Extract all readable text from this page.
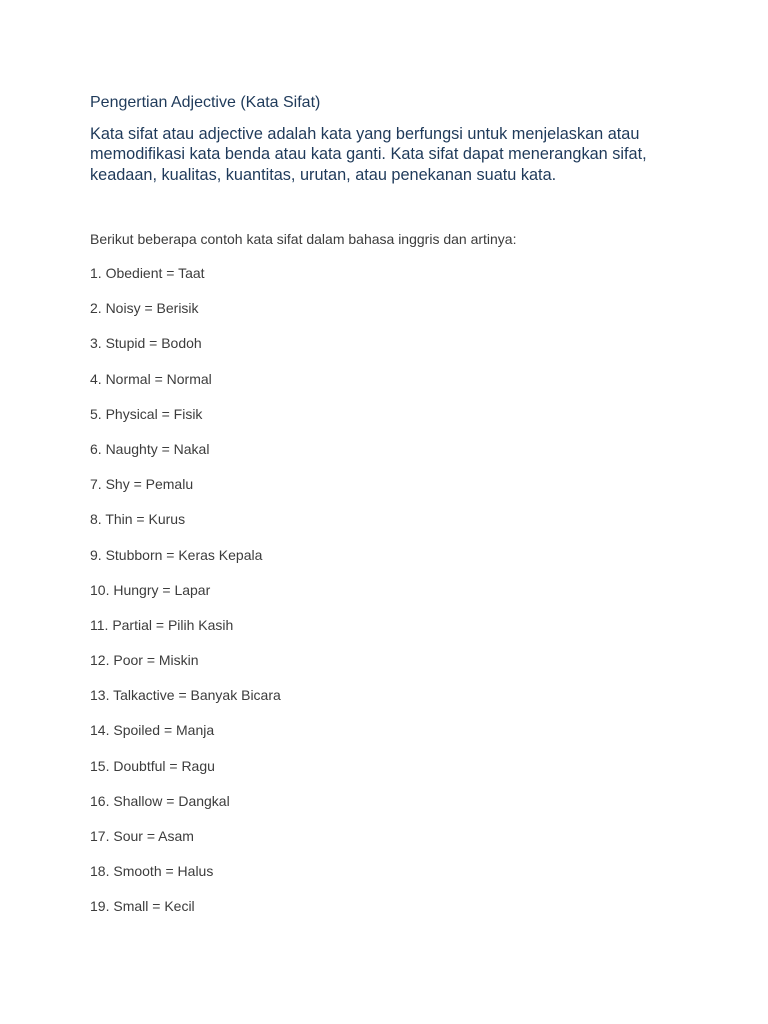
Pengertian Adjective (Kata Sifat)

Kata sifat atau adjective adalah kata yang berfungsi untuk menjelaskan atau memodifikasi kata benda atau kata ganti. Kata sifat dapat menerangkan sifat, keadaan, kualitas, kuantitas, urutan, atau penekanan suatu kata.

Berikut beberapa contoh kata sifat dalam bahasa inggris dan artinya:

1. Obedient = Taat
2. Noisy = Berisik
3. Stupid = Bodoh
4. Normal = Normal
5. Physical = Fisik
6. Naughty = Nakal
7. Shy = Pemalu
8. Thin = Kurus
9. Stubborn = Keras Kepala
10. Hungry = Lapar
11. Partial = Pilih Kasih
12. Poor = Miskin
13. Talkactive = Banyak Bicara
14. Spoiled = Manja
15. Doubtful = Ragu
16. Shallow = Dangkal
17. Sour = Asam
18. Smooth = Halus
19. Small = Kecil
